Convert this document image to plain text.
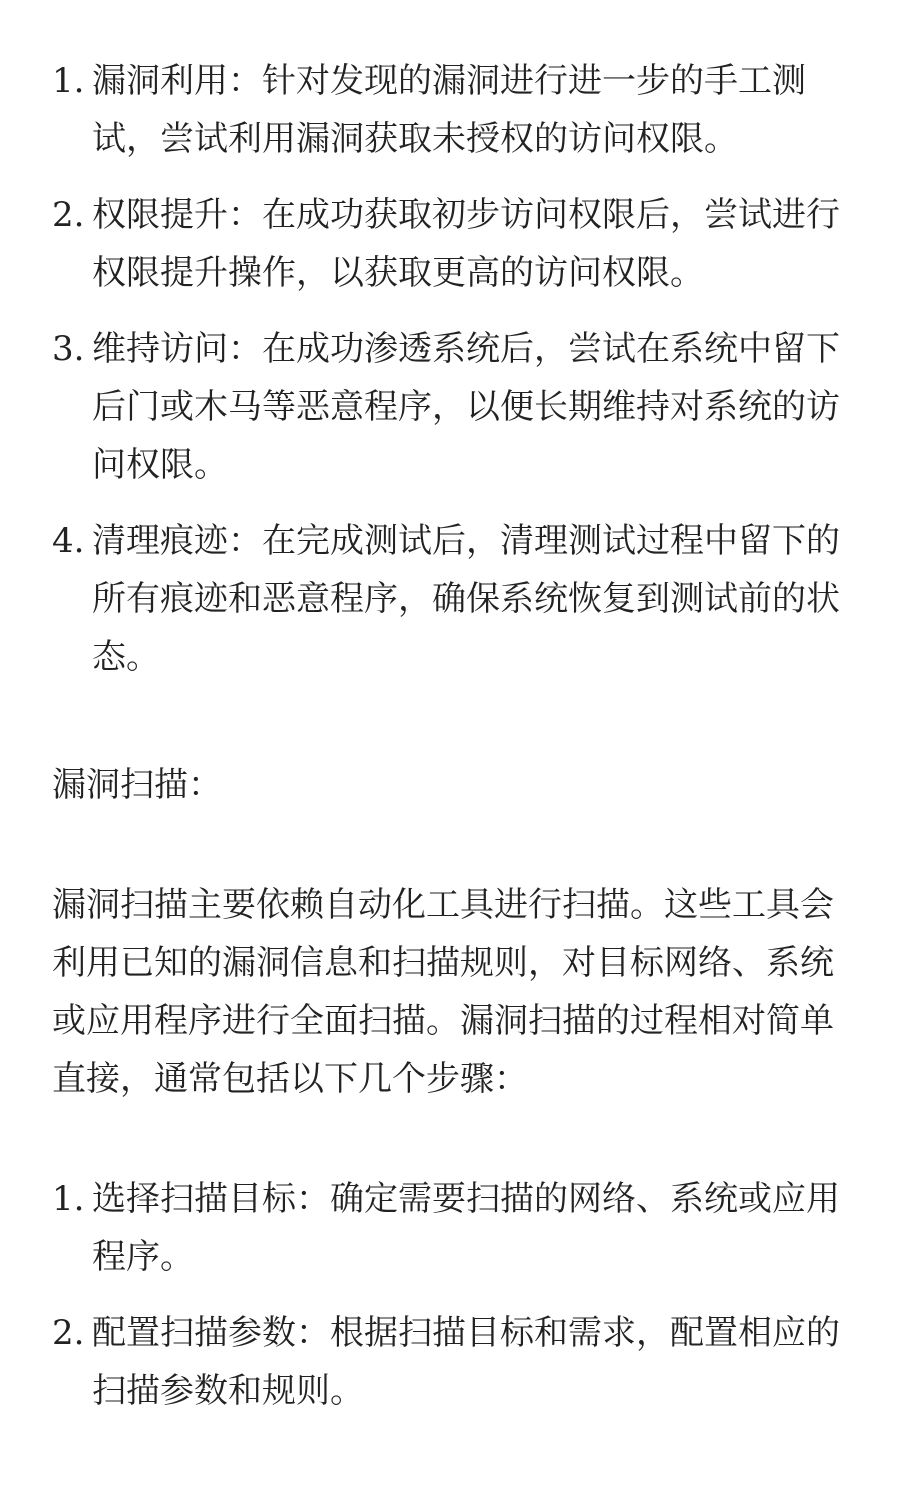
1. 漏洞利用：针对发现的漏洞进行进一步的手工测试，尝试利用漏洞获取未授权的访问权限。
2. 权限提升：在成功获取初步访问权限后，尝试进行权限提升操作，以获取更高的访问权限。
3. 维持访问：在成功渗透系统后，尝试在系统中留下后门或木马等恶意程序，以便长期维持对系统的访问权限。
4. 清理痕迹：在完成测试后，清理测试过程中留下的所有痕迹和恶意程序，确保系统恢复到测试前的状态。

漏洞扫描：

漏洞扫描主要依赖自动化工具进行扫描。这些工具会利用已知的漏洞信息和扫描规则，对目标网络、系统或应用程序进行全面扫描。漏洞扫描的过程相对简单直接，通常包括以下几个步骤：

1. 选择扫描目标：确定需要扫描的网络、系统或应用程序。
2. 配置扫描参数：根据扫描目标和需求，配置相应的扫描参数和规则。
